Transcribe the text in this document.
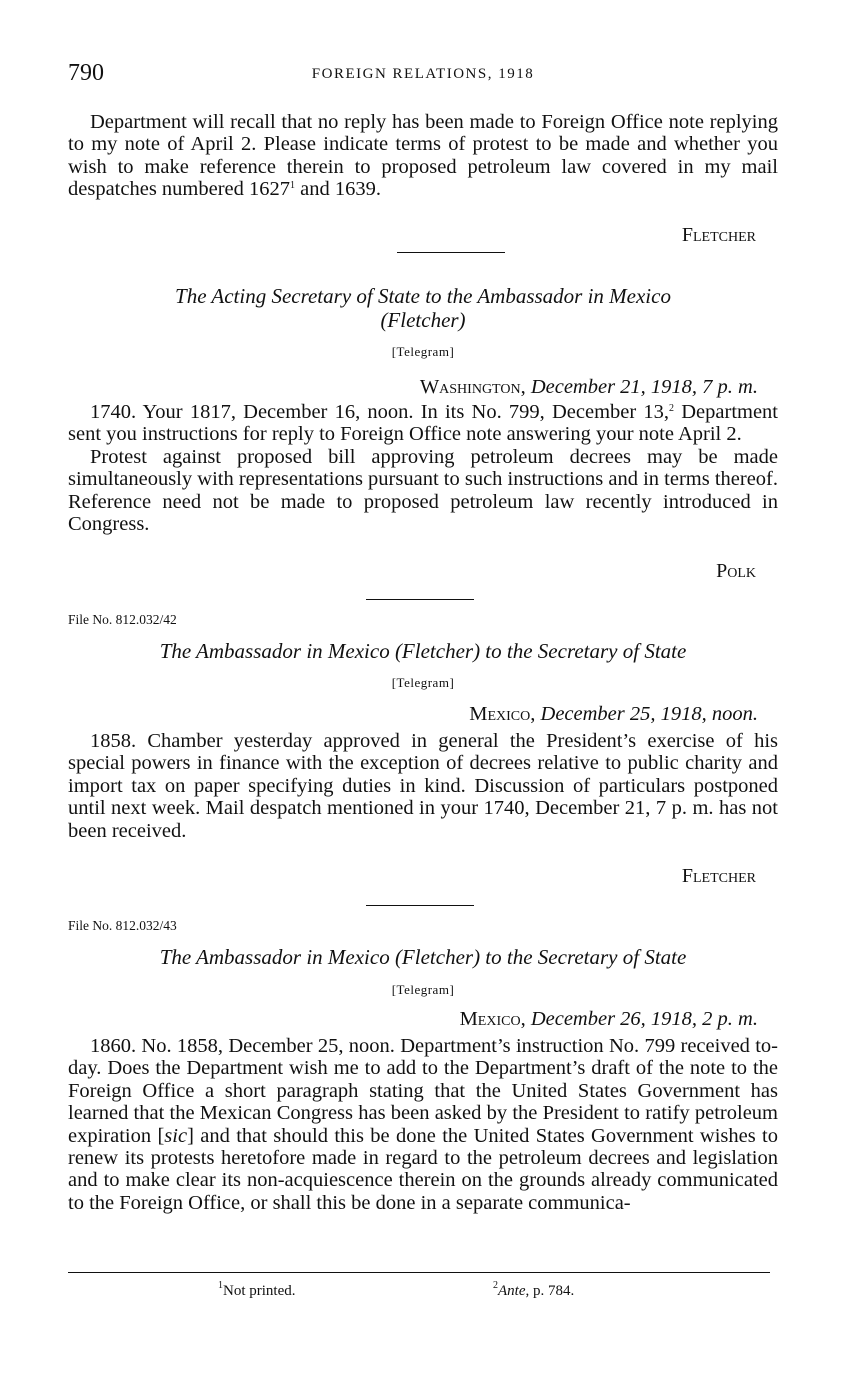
790	FOREIGN RELATIONS, 1918

Department will recall that no reply has been made to Foreign Office note replying to my note of April 2. Please indicate terms of protest to be made and whether you wish to make reference therein to proposed petroleum law covered in my mail despatches numbered 1627$^1$ and 1639.

Fletcher

The Acting Secretary of State to the Ambassador in Mexico
(Fletcher)
[Telegram]
Washington, December 21, 1918, 7 p. m.

1740. Your 1817, December 16, noon. In its No. 799, December 13,$^2$ Department sent you instructions for reply to Foreign Office note answering your note April 2.

Protest against proposed bill approving petroleum decrees may be made simultaneously with representations pursuant to such instructions and in terms thereof. Reference need not be made to proposed petroleum law recently introduced in Congress.

Polk

File No. 812.032/42
The Ambassador in Mexico (Fletcher) to the Secretary of State
[Telegram]
Mexico, December 25, 1918, noon.

1858. Chamber yesterday approved in general the President’s exercise of his special powers in finance with the exception of decrees relative to public charity and import tax on paper specifying duties in kind. Discussion of particulars postponed until next week. Mail despatch mentioned in your 1740, December 21, 7 p. m. has not been received.

Fletcher

File No. 812.032/43
The Ambassador in Mexico (Fletcher) to the Secretary of State
[Telegram]
Mexico, December 26, 1918, 2 p. m.

1860. No. 1858, December 25, noon. Department’s instruction No. 799 received to-day. Does the Department wish me to add to the Department’s draft of the note to the Foreign Office a short paragraph stating that the United States Government has learned that the Mexican Congress has been asked by the President to ratify petroleum expiration [sic] and that should this be done the United States Government wishes to renew its protests heretofore made in regard to the petroleum decrees and legislation and to make clear its non-acquiescence therein on the grounds already communicated to the Foreign Office, or shall this be done in a separate communica-

$^1$Not printed.	$^2$Ante, p. 784.
